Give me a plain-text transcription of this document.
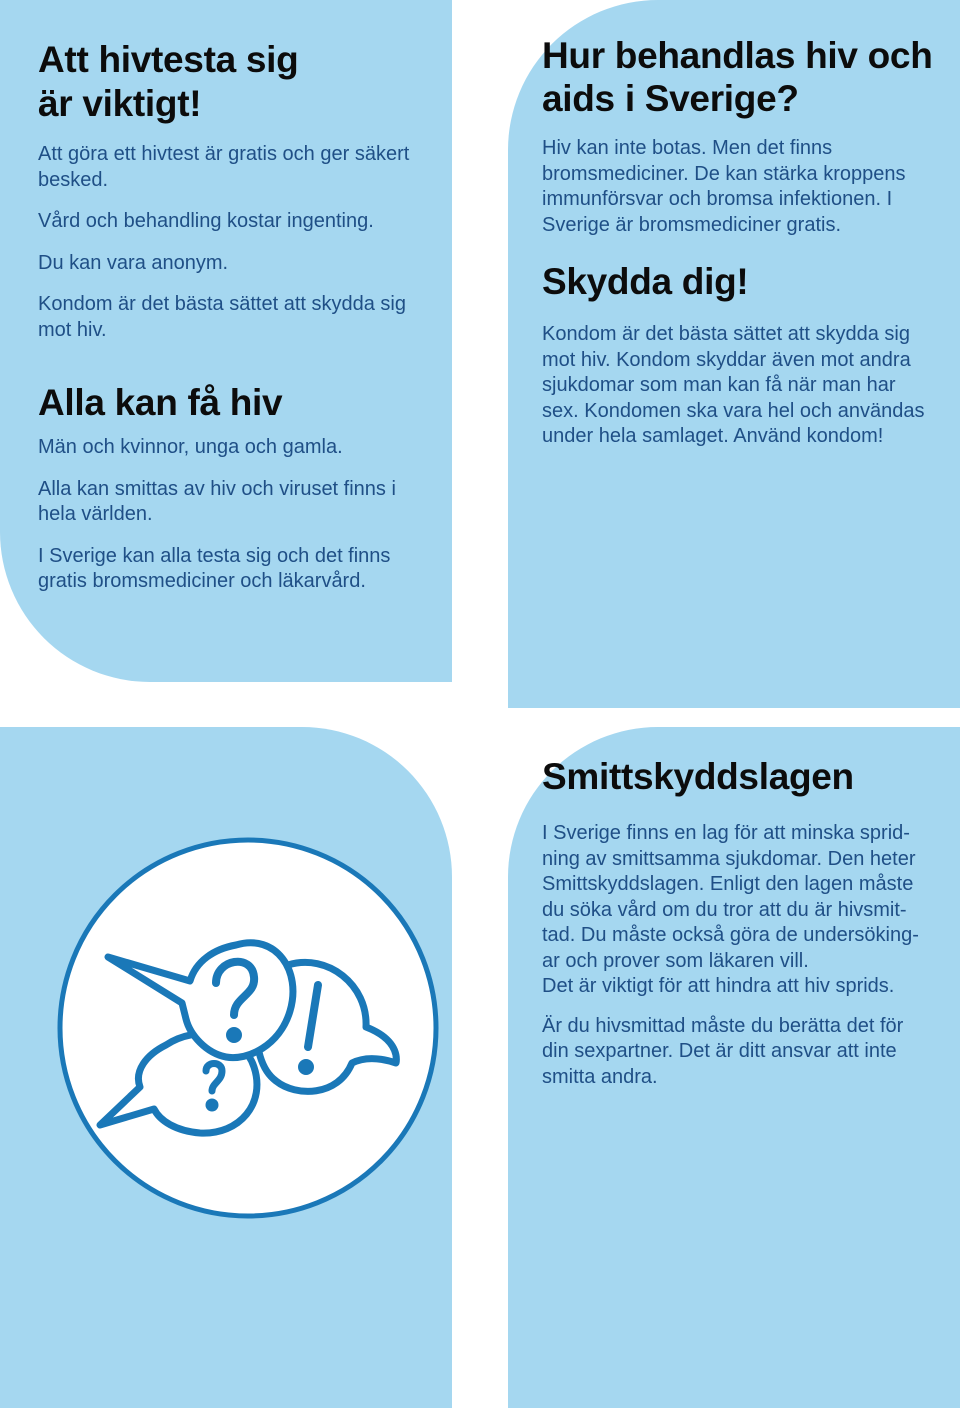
Att hivtesta sig
är viktigt!

Att göra ett hivtest är gratis och ger säkert besked.

Vård och behandling kostar ingenting.

Du kan vara anonym.

Kondom är det bästa sättet att skydda sig mot hiv.

Alla kan få hiv

Män och kvinnor, unga och gamla.

Alla kan smittas av hiv och viruset finns i hela världen.

I Sverige kan alla testa sig och det finns gratis bromsmediciner och läkarvård.

Hur behandlas hiv och
aids i Sverige?

Hiv kan inte botas. Men det finns bromsmediciner. De kan stärka kroppens immunförsvar och bromsa infektionen. I Sverige är bromsmediciner gratis.

Skydda dig!

Kondom är det bästa sättet att skydda sig mot hiv. Kondom skyddar även mot andra sjukdomar som man kan få när man har sex. Kondomen ska vara hel och användas under hela samlaget. Använd kondom!

Smittskyddslagen

I Sverige finns en lag för att minska sprid-
ning av smittsamma sjukdomar. Den heter
Smittskyddslagen. Enligt den lagen måste
du söka vård om du tror att du är hivsmit-
tad. Du måste också göra de undersöking-
ar och prover som läkaren vill.
Det är viktigt för att hindra att hiv sprids.

Är du hivsmittad måste du berätta det för din sexpartner. Det är ditt ansvar att inte smitta andra.
